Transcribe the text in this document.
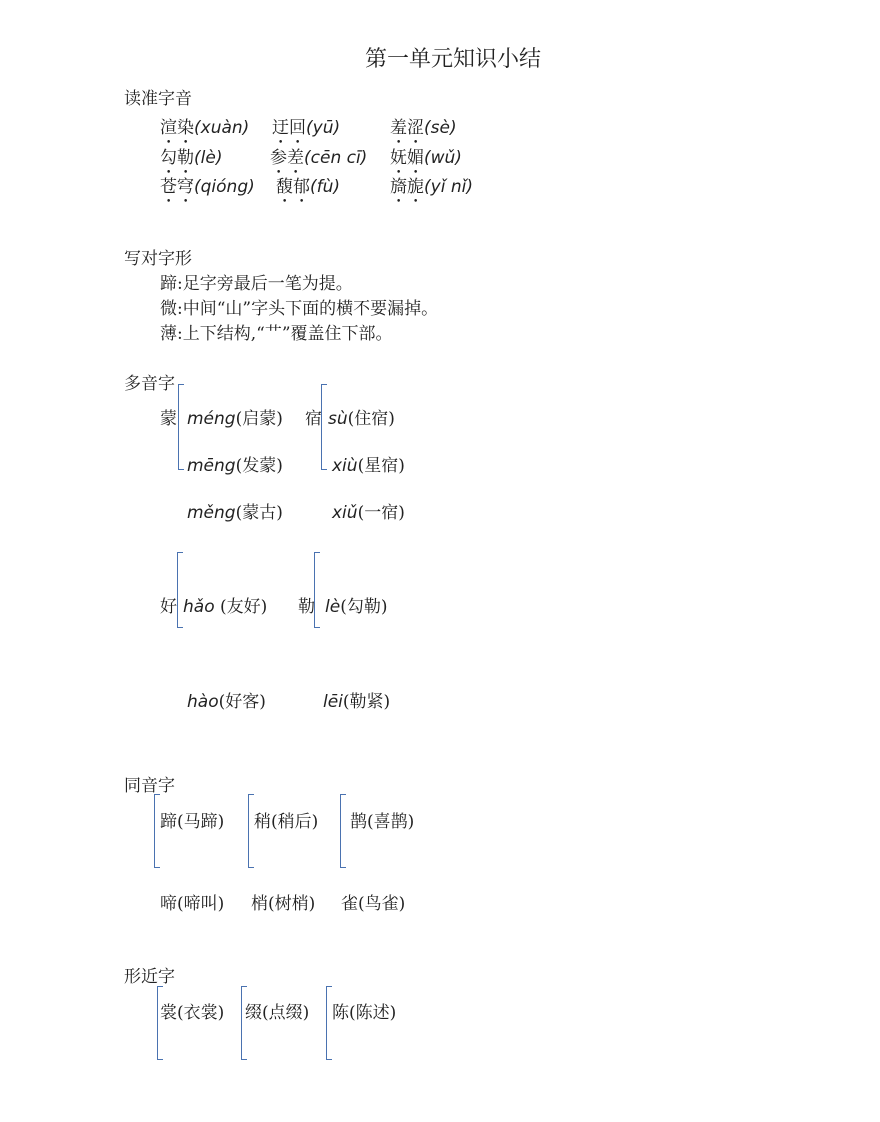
第一单元知识小结
读准字音
渲染(xuàn) 迂回(yū)	羞涩(sè)
勾勒(lè)	参差(cēn cī) 妩媚(wǔ)
苍穹(qióng) 馥郁(fù)	旖旎(yǐ nǐ)
写对字形
蹄:足字旁最后一笔为提。
微:中间“山”字头下面的横不要漏掉。
薄:上下结构,“艹”覆盖住下部。
多音字
蒙 méng(启蒙)
mēng(发蒙)
měng(蒙古)
宿 sù(住宿)
xiù(星宿)
xiǔ(一宿)
好 hǎo (友好)
hào(好客)
勒 lè(勾勒)
lēi(勒紧)
同音字
蹄(马蹄) 稍(稍后) 鹊(喜鹊)
啼(啼叫) 梢(树梢) 雀(鸟雀)
形近字
裳(衣裳) 缀(点缀) 陈(陈述)
